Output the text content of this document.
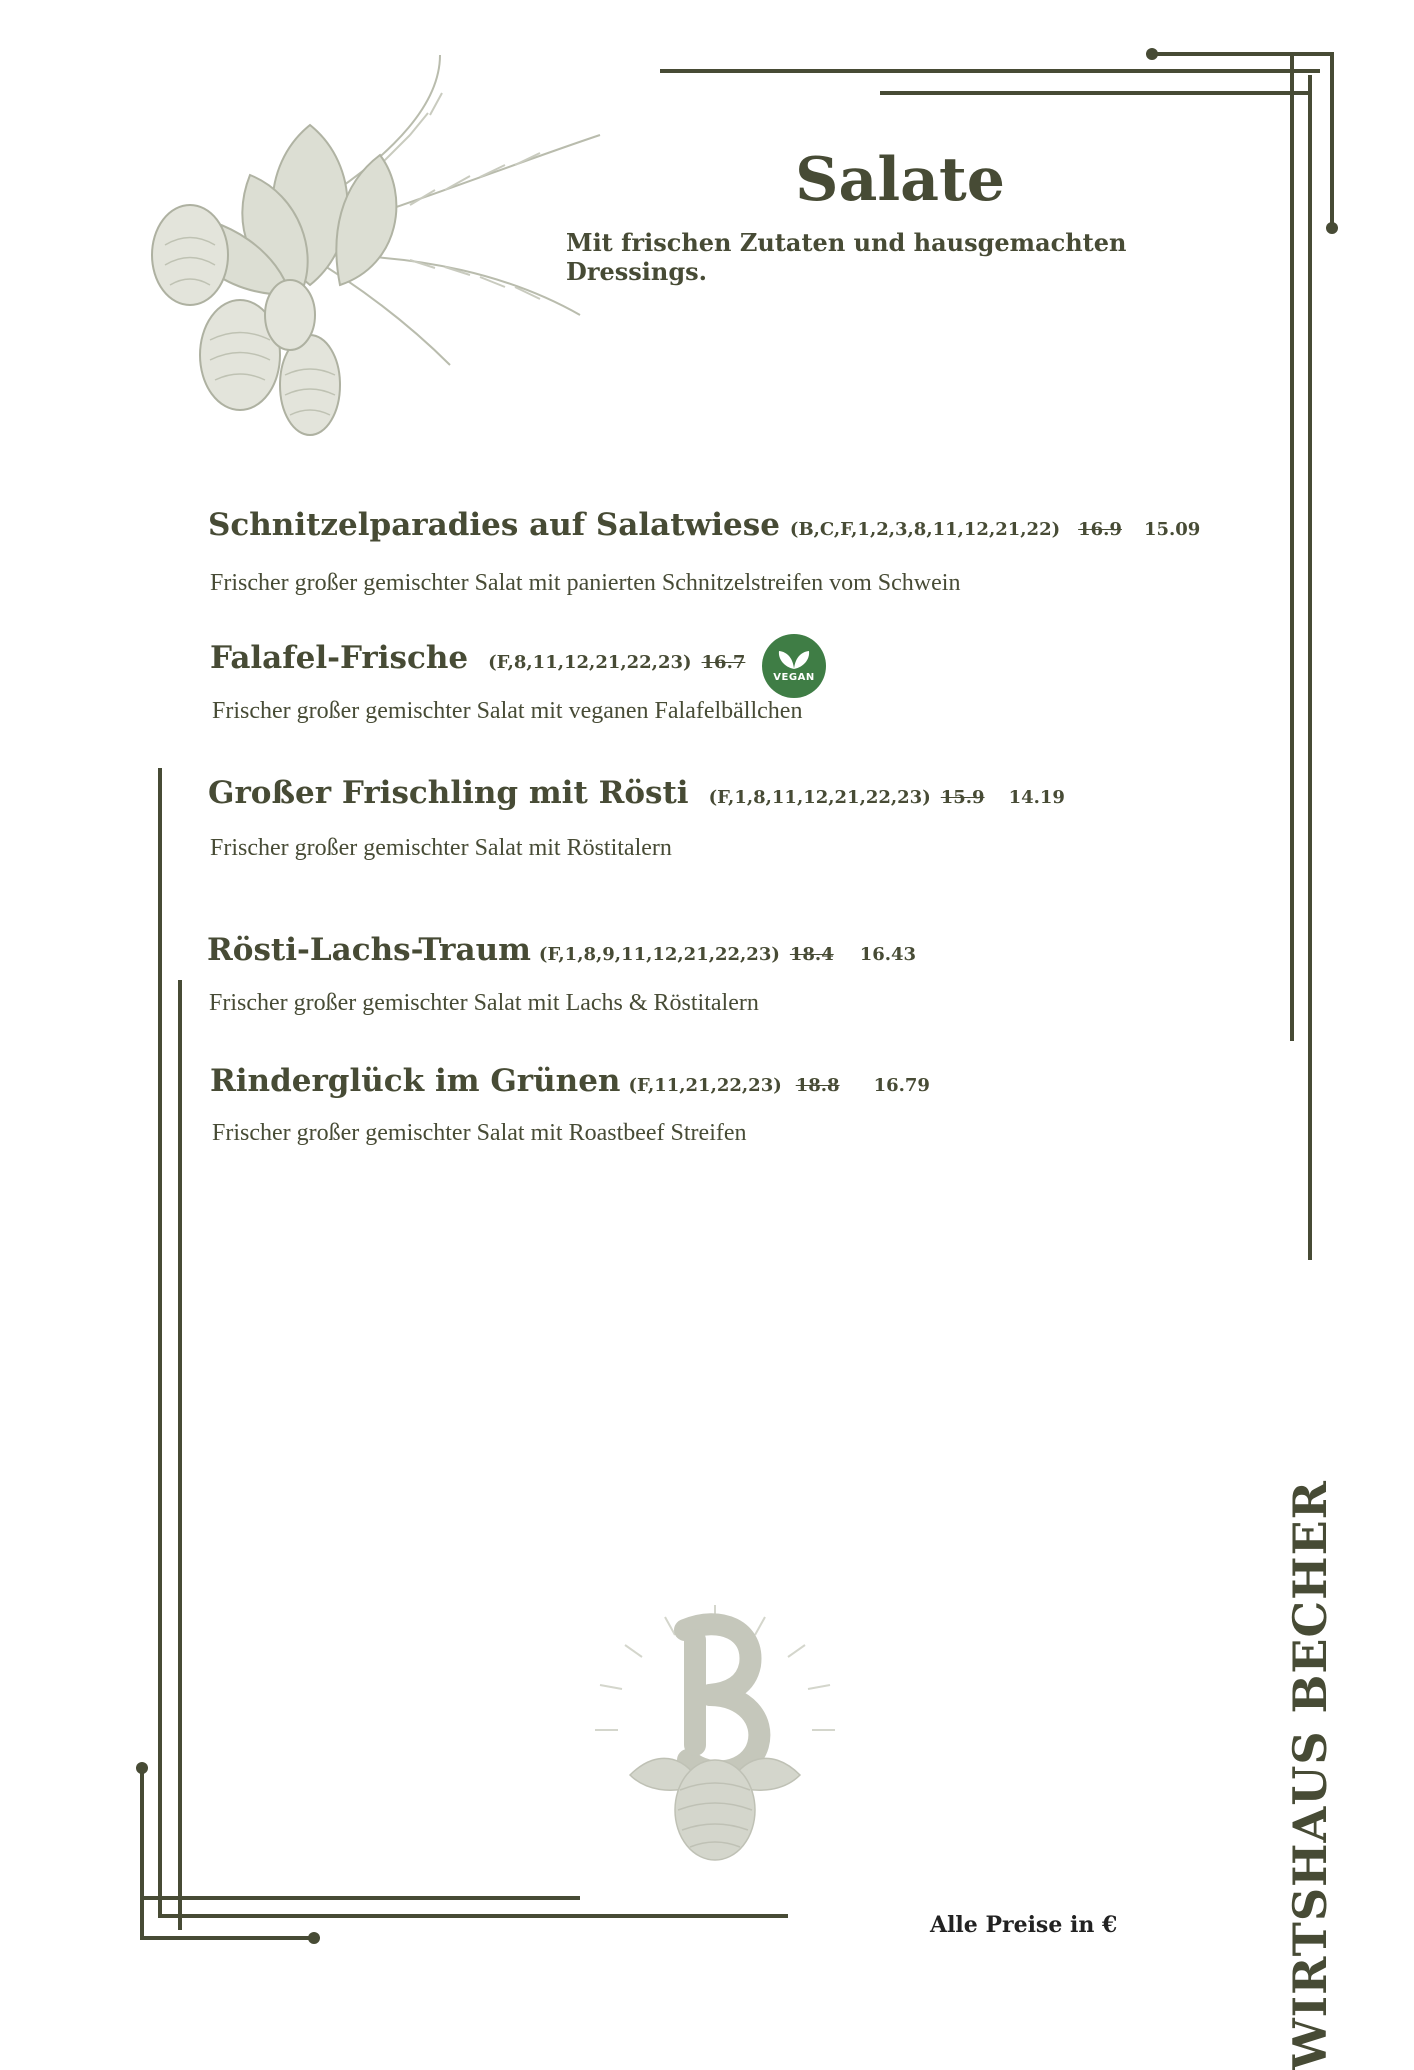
Salate

Mit frischen Zutaten und hausgemachten Dressings.

Schnitzelparadies auf Salatwiese (B,C,F,1,2,3,8,11,12,21,22) 16.9 15.09
Frischer großer gemischter Salat mit panierten Schnitzelstreifen vom Schwein
Falafel-Frische (F,8,11,12,21,22,23) 16.7
VEGAN
Frischer großer gemischter Salat mit veganen Falafelbällchen
Großer Frischling mit Rösti (F,1,8,11,12,21,22,23) 15.9 14.19
Frischer großer gemischter Salat mit Röstitalern
Rösti-Lachs-Traum (F,1,8,9,11,12,21,22,23) 18.4 16.43
Frischer großer gemischter Salat mit Lachs & Röstitalern
Rinderglück im Grünen (F,11,21,22,23) 18.8 16.79
Frischer großer gemischter Salat mit Roastbeef Streifen
WIRTSHAUS BECHER
Alle Preise in €
